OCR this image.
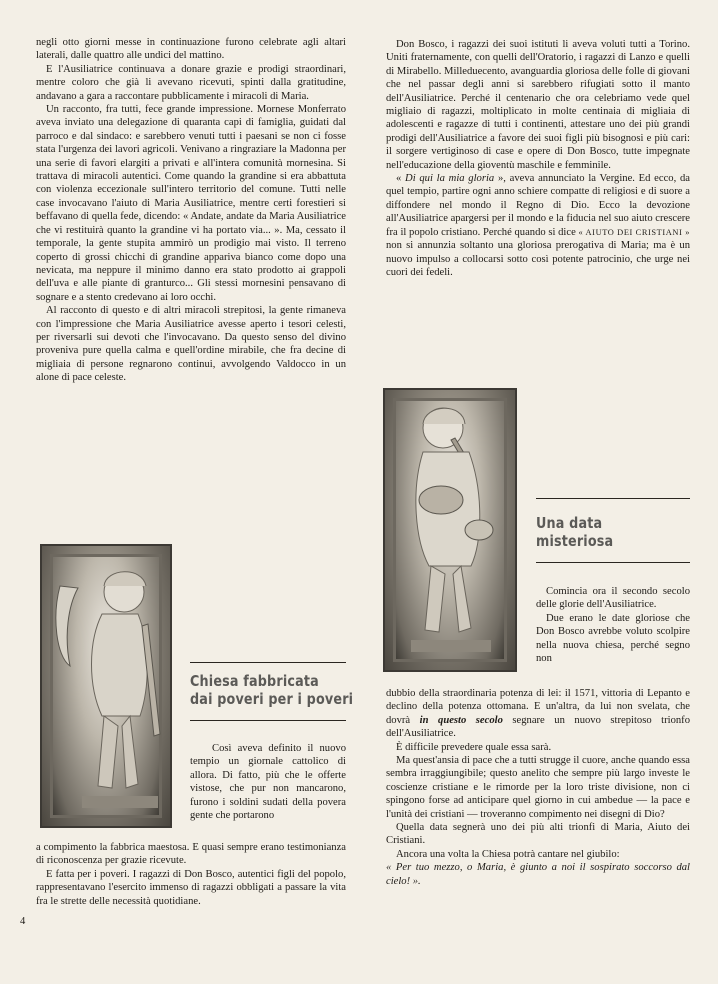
negli otto giorni messe in continuazione furono celebrate agli altari laterali, dalle quattro alle undici del mattino.

E l'Ausiliatrice continuava a donare grazie e prodigi straordinari, mentre coloro che già li avevano ricevuti, spinti dalla gratitudine, andavano a gara a raccontare pubblicamente i miracoli di Maria.

Un racconto, fra tutti, fece grande impressione. Mornese Monferrato aveva inviato una delegazione di quaranta capi di famiglia, guidati dal parroco e dal sindaco: e sarebbero venuti tutti i paesani se non ci fosse stata l'urgenza dei lavori agricoli. Venivano a ringraziare la Madonna per una serie di favori elargiti a privati e all'intera comunità mornesina. Si trattava di miracoli autentici. Come quando la grandine si era abbattuta con violenza eccezionale sull'intero territorio del comune. Tutti nelle case invocavano l'aiuto di Maria Ausiliatrice, mentre certi forestieri si beffavano di quella fede, dicendo: « Andate, andate da Maria Ausiliatrice che vi restituirà quanto la grandine vi ha portato via... ». Ma, cessato il temporale, la gente stupita ammirò un prodigio mai visto. Il terreno coperto di grossi chicchi di grandine appariva bianco come dopo una nevicata, ma neppure il minimo danno era stato prodotto ai grappoli dell'uva e alle piante di granturco... Gli stessi mornesini pensavano di sognare e a stento credevano ai loro occhi.

Al racconto di questo e di altri miracoli strepitosi, la gente rimaneva con l'impressione che Maria Ausiliatrice avesse aperto i tesori celesti, per riversarli sui devoti che l'invocavano. Da questo senso del divino proveniva pure quella calma e quell'ordine mirabile, che fra decine di migliaia di persone regnarono continui, avvolgendo Valdocco in un alone di pace celeste.

Chiesa fabbricata
dai poveri per i poveri

Così aveva definito il nuovo tempio un giornale cattolico di allora. Di fatto, più che le offerte vistose, che pur non mancarono, furono i soldini sudati della povera gente che portarono

a compimento la fabbrica maestosa. E quasi sempre erano testimonianza di riconoscenza per grazie ricevute.

E fatta per i poveri. I ragazzi di Don Bosco, autentici figli del popolo, rappresentavano l'esercito immenso di ragazzi obbligati a passare la vita fra le strette delle necessità quotidiane.

4

Don Bosco, i ragazzi dei suoi istituti li aveva voluti tutti a Torino. Uniti fraternamente, con quelli dell'Oratorio, i ragazzi di Lanzo e quelli di Mirabello. Milleduecento, avanguardia gloriosa delle folle di giovani che nel passar degli anni si sarebbero rifugiati sotto il manto dell'Ausiliatrice. Perché il centenario che ora celebriamo vede quel migliaio di ragazzi, moltiplicato in molte centinaia di migliaia di adolescenti e ragazze di tutti i continenti, attestare uno dei più grandi prodigi dell'Ausiliatrice a favore dei suoi figli più bisognosi e più cari: il sorgere vertiginoso di case e opere di Don Bosco, tutte impegnate nell'educazione della gioventù maschile e femminile.

« Di qui la mia gloria », aveva annunciato la Vergine. Ed ecco, da quel tempio, partire ogni anno schiere compatte di religiosi e di suore a diffondere nel mondo il Regno di Dio. Ecco la devozione all'Ausiliatrice apargersi per il mondo e la fiducia nel suo aiuto crescere fra il popolo cristiano. Perché quando si dice « AIUTO DEI CRISTIANI » non si annunzia soltanto una gloriosa prerogativa di Maria; ma è un nuovo impulso a collocarsi sotto così potente patrocinio, che urge nei cuori dei fedeli.

Una data
misteriosa

Comincia ora il secondo secolo delle glorie dell'Ausiliatrice.

Due erano le date gloriose che Don Bosco avrebbe voluto scolpire nella nuova chiesa, perché segno non

dubbio della straordinaria potenza di lei: il 1571, vittoria di Lepanto e declino della potenza ottomana. E un'altra, da lui non svelata, che dovrà in questo secolo segnare un nuovo strepitoso trionfo dell'Ausiliatrice.

È difficile prevedere quale essa sarà.

Ma quest'ansia di pace che a tutti strugge il cuore, anche quando essa sembra irraggiungibile; questo anelito che sempre più largo investe le coscienze cristiane e le rimorde per la loro triste divisione, non ci spingono forse ad anticipare quel giorno in cui ambedue — la pace e l'unità dei cristiani — troveranno compimento nei disegni di Dio?

Quella data segnerà uno dei più alti trionfi di Maria, Aiuto dei Cristiani.

Ancora una volta la Chiesa potrà cantare nel giubilo:

« Per tuo mezzo, o Maria, è giunto a noi il sospirato soccorso dal cielo! ».
